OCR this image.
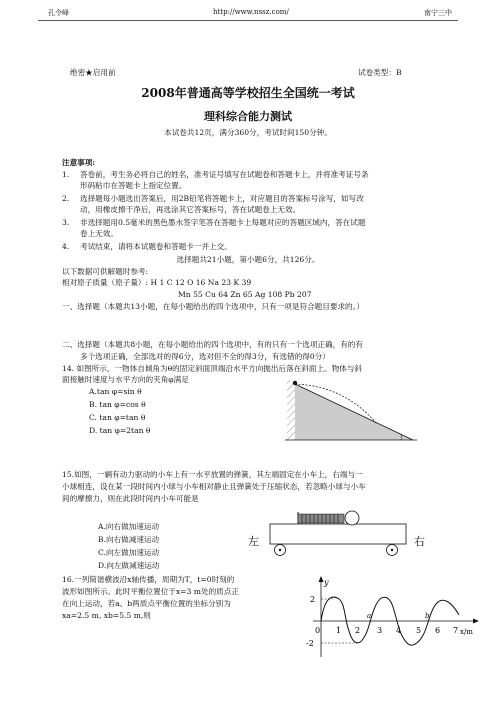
孔令峰	http://www.nssz.com/	南宁三中
绝密★启用前	试卷类型：B
2008年普通高等学校招生全国统一考试
理科综合能力测试
本试卷共12页，满分360分，考试时间150分钟。
注意事项:
1. 答卷前，考生务必将自己的姓名，准考证号填写在试题卷和答题卡上，并将准考证号条
形码粘巾在答题卡上指定位置。
2. 选择题每小题选出答案后，用2B铅笔将答题卡上，对应题目的答案标号涂写，如写改
动，用橡皮擦干净后，再选涂其它答案标号，答在试题卷上无效。
3. 非选择题用0.5毫米的黑色墨水签字笔答在答题卡上每题对应的答题区域内，答在试题
卷上无效。
4. 考试结束，请将本试题卷和答题卡一并上交。
选择题共21小题，第小题6分，共126分。
以下数据可供解题时参考:
相对原子质量（原子量）: H 1 C 12 O 16 Na 23 K 39
Mn 55 Cu 64 Zn 65 Ag 108 Pb 207
一、选择题（本题共13小题，在每小题给出的四个选项中，只有一项是符合题目要求的。）
二、选择题（本题共8小题，在每小题给出的四个选项中，有的只有一个选项正确，有的有
多个选项正确，全部选对的得6分，选对但不全的得3分，有选错的得0分）
14. 如图所示，一物体自倾角为θ的固定斜面顶端沿水平方向抛出后落在斜面上。物体与斜
面接触时速度与水平方向的夹角φ满足
A.tan φ=sin θ
B. tan φ=cos θ
C. tan φ=tan θ
D. tan φ=2tan θ
15.如图，一辆有动力驱动的小车上有一水平放置的弹簧，其左端固定在小车上，右端与一
小球相连，设在某一段时间内小球与小车相对静止且弹簧处于压缩状态，若忽略小球与小车
间的摩擦力，则在此段时间内小车可能是
A.向右做加速运动
B.向右做减速运动
C.向左做加速运动
D.向左做减速运动
左	右
16.一列简谐横波沿x轴传播，周期为T，t=0时刻的
波形如图所示。此时平衡位置位于x=3 m处的质点正
在向上运动，若a、b两质点平衡位置的坐标分别为
xa=2.5 m, xb=5.5 m,则
y
x/m
2
-2
0 1 2 3 4 5 6 7
a	b
